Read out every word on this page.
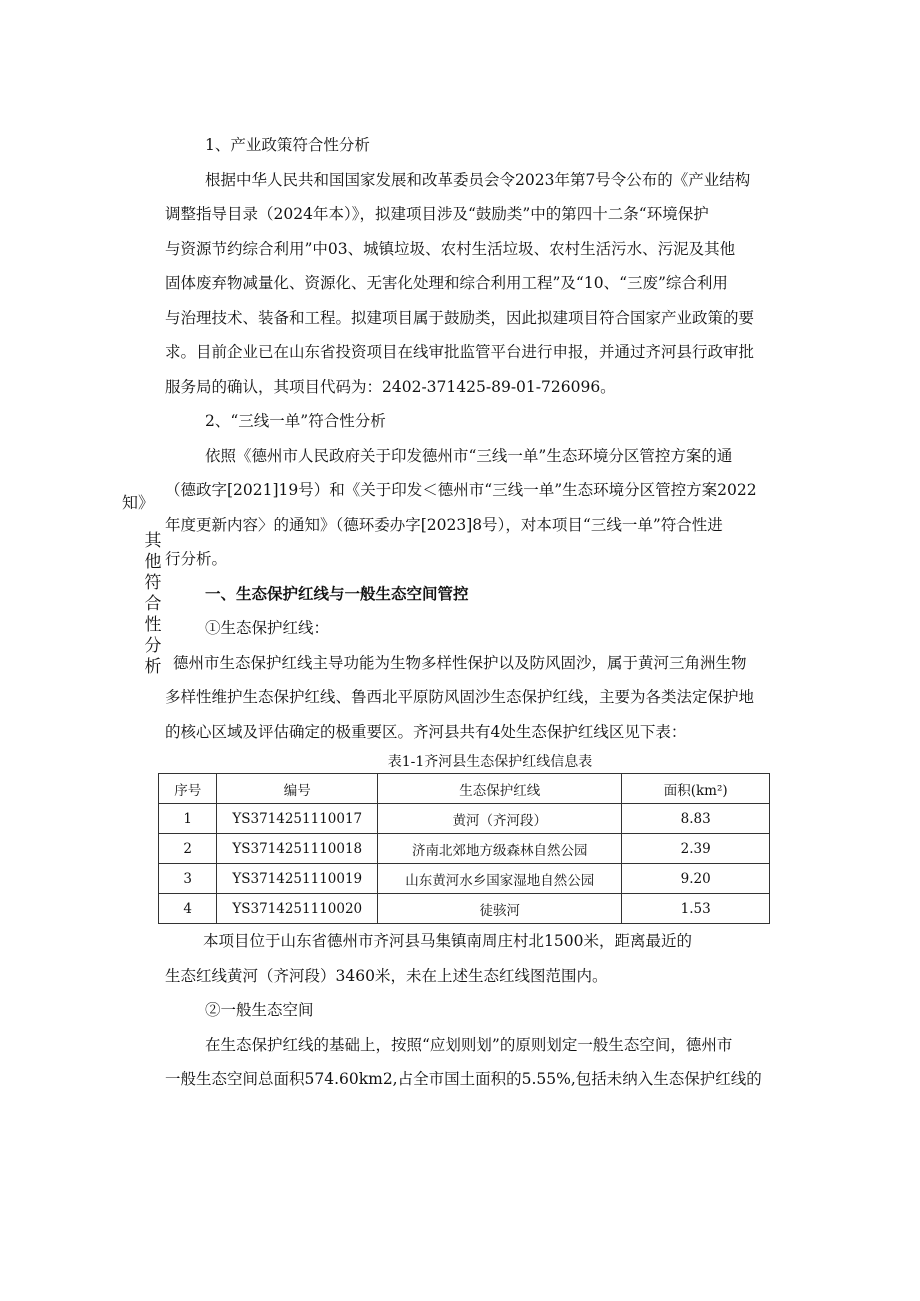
知》
其他符合性分析
1、产业政策符合性分析
根据中华人民共和国国家发展和改革委员会令2023年第7号令公布的《产业结构
调整指导目录（2024年本）》，拟建项目涉及“鼓励类”中的第四十二条“环境保护
与资源节约综合利用”中03、城镇垃圾、农村生活垃圾、农村生活污水、污泥及其他
固体废弃物减量化、资源化、无害化处理和综合利用工程”及“10、“三废”综合利用
与治理技术、装备和工程。拟建项目属于鼓励类，因此拟建项目符合国家产业政策的要
求。目前企业已在山东省投资项目在线审批监管平台进行申报，并通过齐河县行政审批
服务局的确认，其项目代码为：2402-371425-89-01-726096。
2、“三线一单”符合性分析
依照《德州市人民政府关于印发德州市“三线一单”生态环境分区管控方案的通
（德政字[2021]19号）和《关于印发＜德州市“三线一单”生态环境分区管控方案2022
年度更新内容〉的通知》（德环委办字[2023]8号），对本项目“三线一单”符合性进
行分析。
一、生态保护红线与一般生态空间管控
①生态保护红线：
德州市生态保护红线主导功能为生物多样性保护以及防风固沙，属于黄河三角洲生物
多样性维护生态保护红线、鲁西北平原防风固沙生态保护红线，主要为各类法定保护地
的核心区域及评估确定的极重要区。齐河县共有4处生态保护红线区见下表：
表1-1齐河县生态保护红线信息表
序号	编号	生态保护红线	面积(km²)
1	YS3714251110017	黄河（齐河段）	8.83
2	YS3714251110018	济南北郊地方级森林自然公园	2.39
3	YS3714251110019	山东黄河水乡国家湿地自然公园	9.20
4	YS3714251110020	徒骇河	1.53
本项目位于山东省德州市齐河县马集镇南周庄村北1500米，距离最近的
生态红线黄河（齐河段）3460米，未在上述生态红线图范围内。
②一般生态空间
在生态保护红线的基础上，按照“应划则划”的原则划定一般生态空间，德州市
一般生态空间总面积574.60km2,占全市国土面积的5.55%,包括未纳入生态保护红线的
